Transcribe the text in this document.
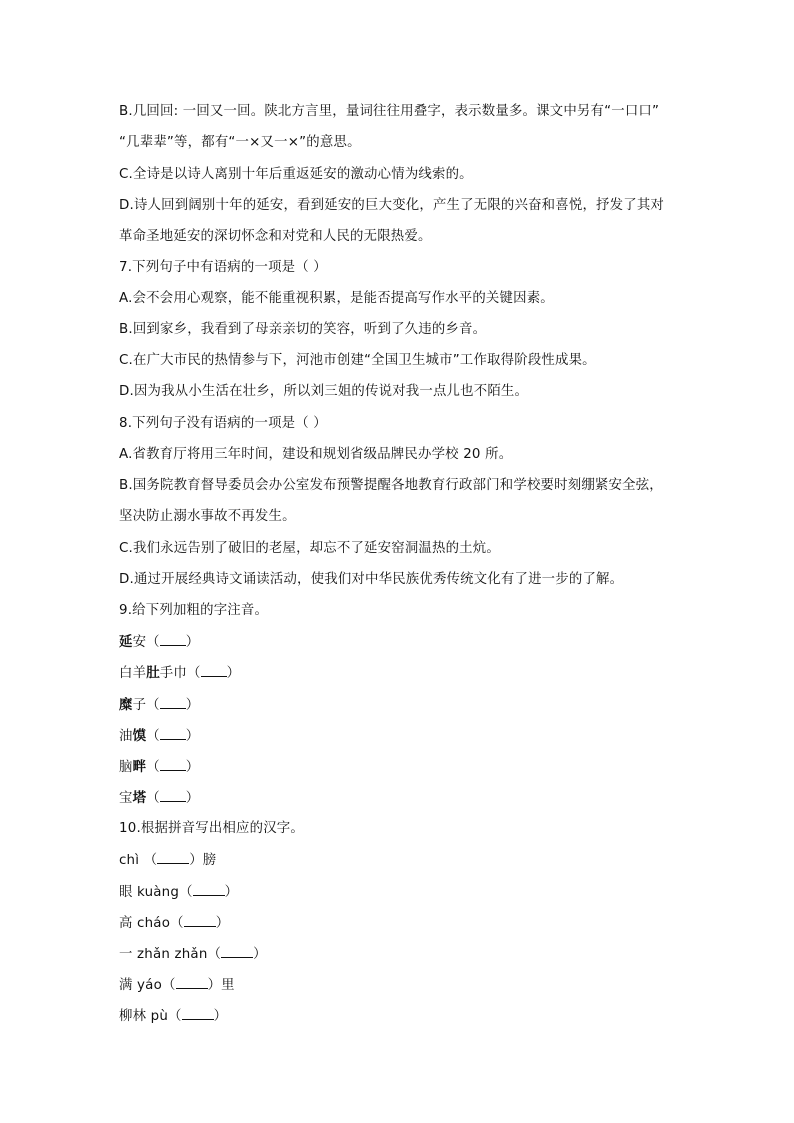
B.几回回: 一回又一回。陕北方言里，量词往往用叠字，表示数量多。课文中另有“一口口”
“几辈辈”等，都有“一×又一×”的意思。
C.全诗是以诗人离别十年后重返延安的激动心情为线索的。
D.诗人回到阔别十年的延安，看到延安的巨大变化，产生了无限的兴奋和喜悦，抒发了其对
革命圣地延安的深切怀念和对党和人民的无限热爱。
7.下列句子中有语病的一项是（ ）
A.会不会用心观察，能不能重视积累，是能否提高写作水平的关键因素。
B.回到家乡，我看到了母亲亲切的笑容，听到了久违的乡音。
C.在广大市民的热情参与下，河池市创建“全国卫生城市”工作取得阶段性成果。
D.因为我从小生活在壮乡，所以刘三姐的传说对我一点儿也不陌生。
8.下列句子没有语病的一项是（ ）
A.省教育厅将用三年时间，建设和规划省级品牌民办学校 20 所。
B.国务院教育督导委员会办公室发布预警提醒各地教育行政部门和学校要时刻绷紧安全弦，
坚决防止溺水事故不再发生。
C.我们永远告别了破旧的老屋，却忘不了延安窑洞温热的土炕。
D.通过开展经典诗文诵读活动，使我们对中华民族优秀传统文化有了进一步的了解。
9.给下列加粗的字注音。
延安（ ）
白羊肚手巾（ ）
糜子（ ）
油馍（ ）
脑畔（ ）
宝塔（ ）
10.根据拼音写出相应的汉字。
chì （ ）膀
眼 kuàng（ ）
高 cháo（ ）
一 zhǎn zhǎn（ ）
满 yáo（ ）里
柳林 pù（ ）
